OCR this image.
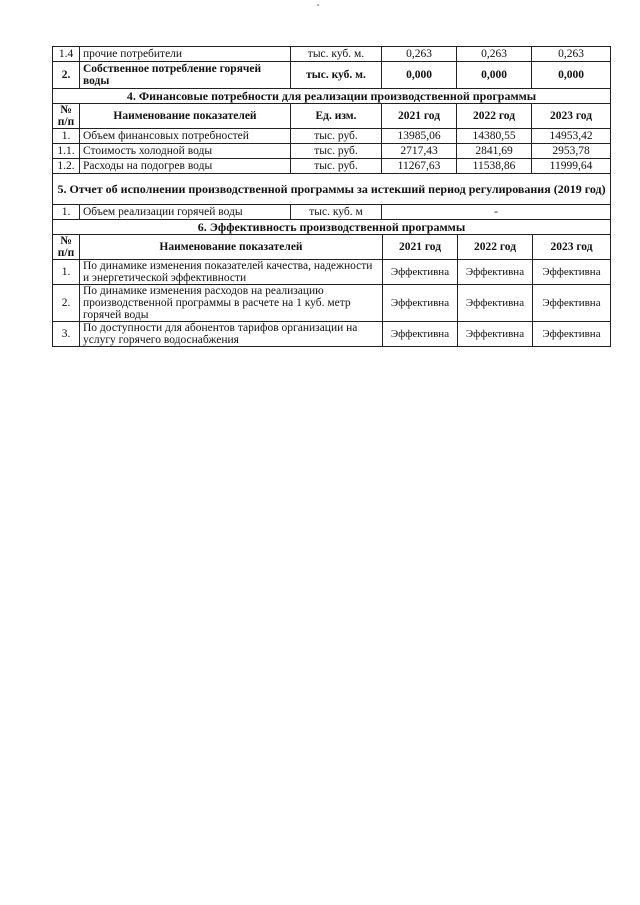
1.4	прочие потребители	тыс. куб. м.	0,263	0,263	0,263
2.	Собственное потребление горячей воды	тыс. куб. м.	0,000	0,000	0,000
4. Финансовые потребности для реализации производственной программы					
№ п/п	Наименование показателей	Ед. изм.	2021 год	2022 год	2023 год
1.	Объем финансовых потребностей	тыс. руб.	13985,06	14380,55	14953,42
1.1.	Стоимость холодной воды	тыс. руб.	2717,43	2841,69	2953,78
1.2.	Расходы на подогрев воды	тыс. руб.	11267,63	11538,86	11999,64
5. Отчет об исполнении производственной программы за истекший период регулирования (2019 год)					
1.	Объем реализации горячей воды	тыс. куб. м	-		
6. Эффективность производственной программы					
№ п/п	Наименование показателей	2021 год	2022 год	2023 год
1.	По динамике изменения показателей качества, надежности и энергетической эффективности	Эффективна	Эффективна	Эффективна
2.	По динамике изменения расходов на реализацию производственной программы в расчете на 1 куб. метр горячей воды	Эффективна	Эффективна	Эффективна
3.	По доступности для абонентов тарифов организации на услугу горячего водоснабжения	Эффективна	Эффективна	Эффективна
